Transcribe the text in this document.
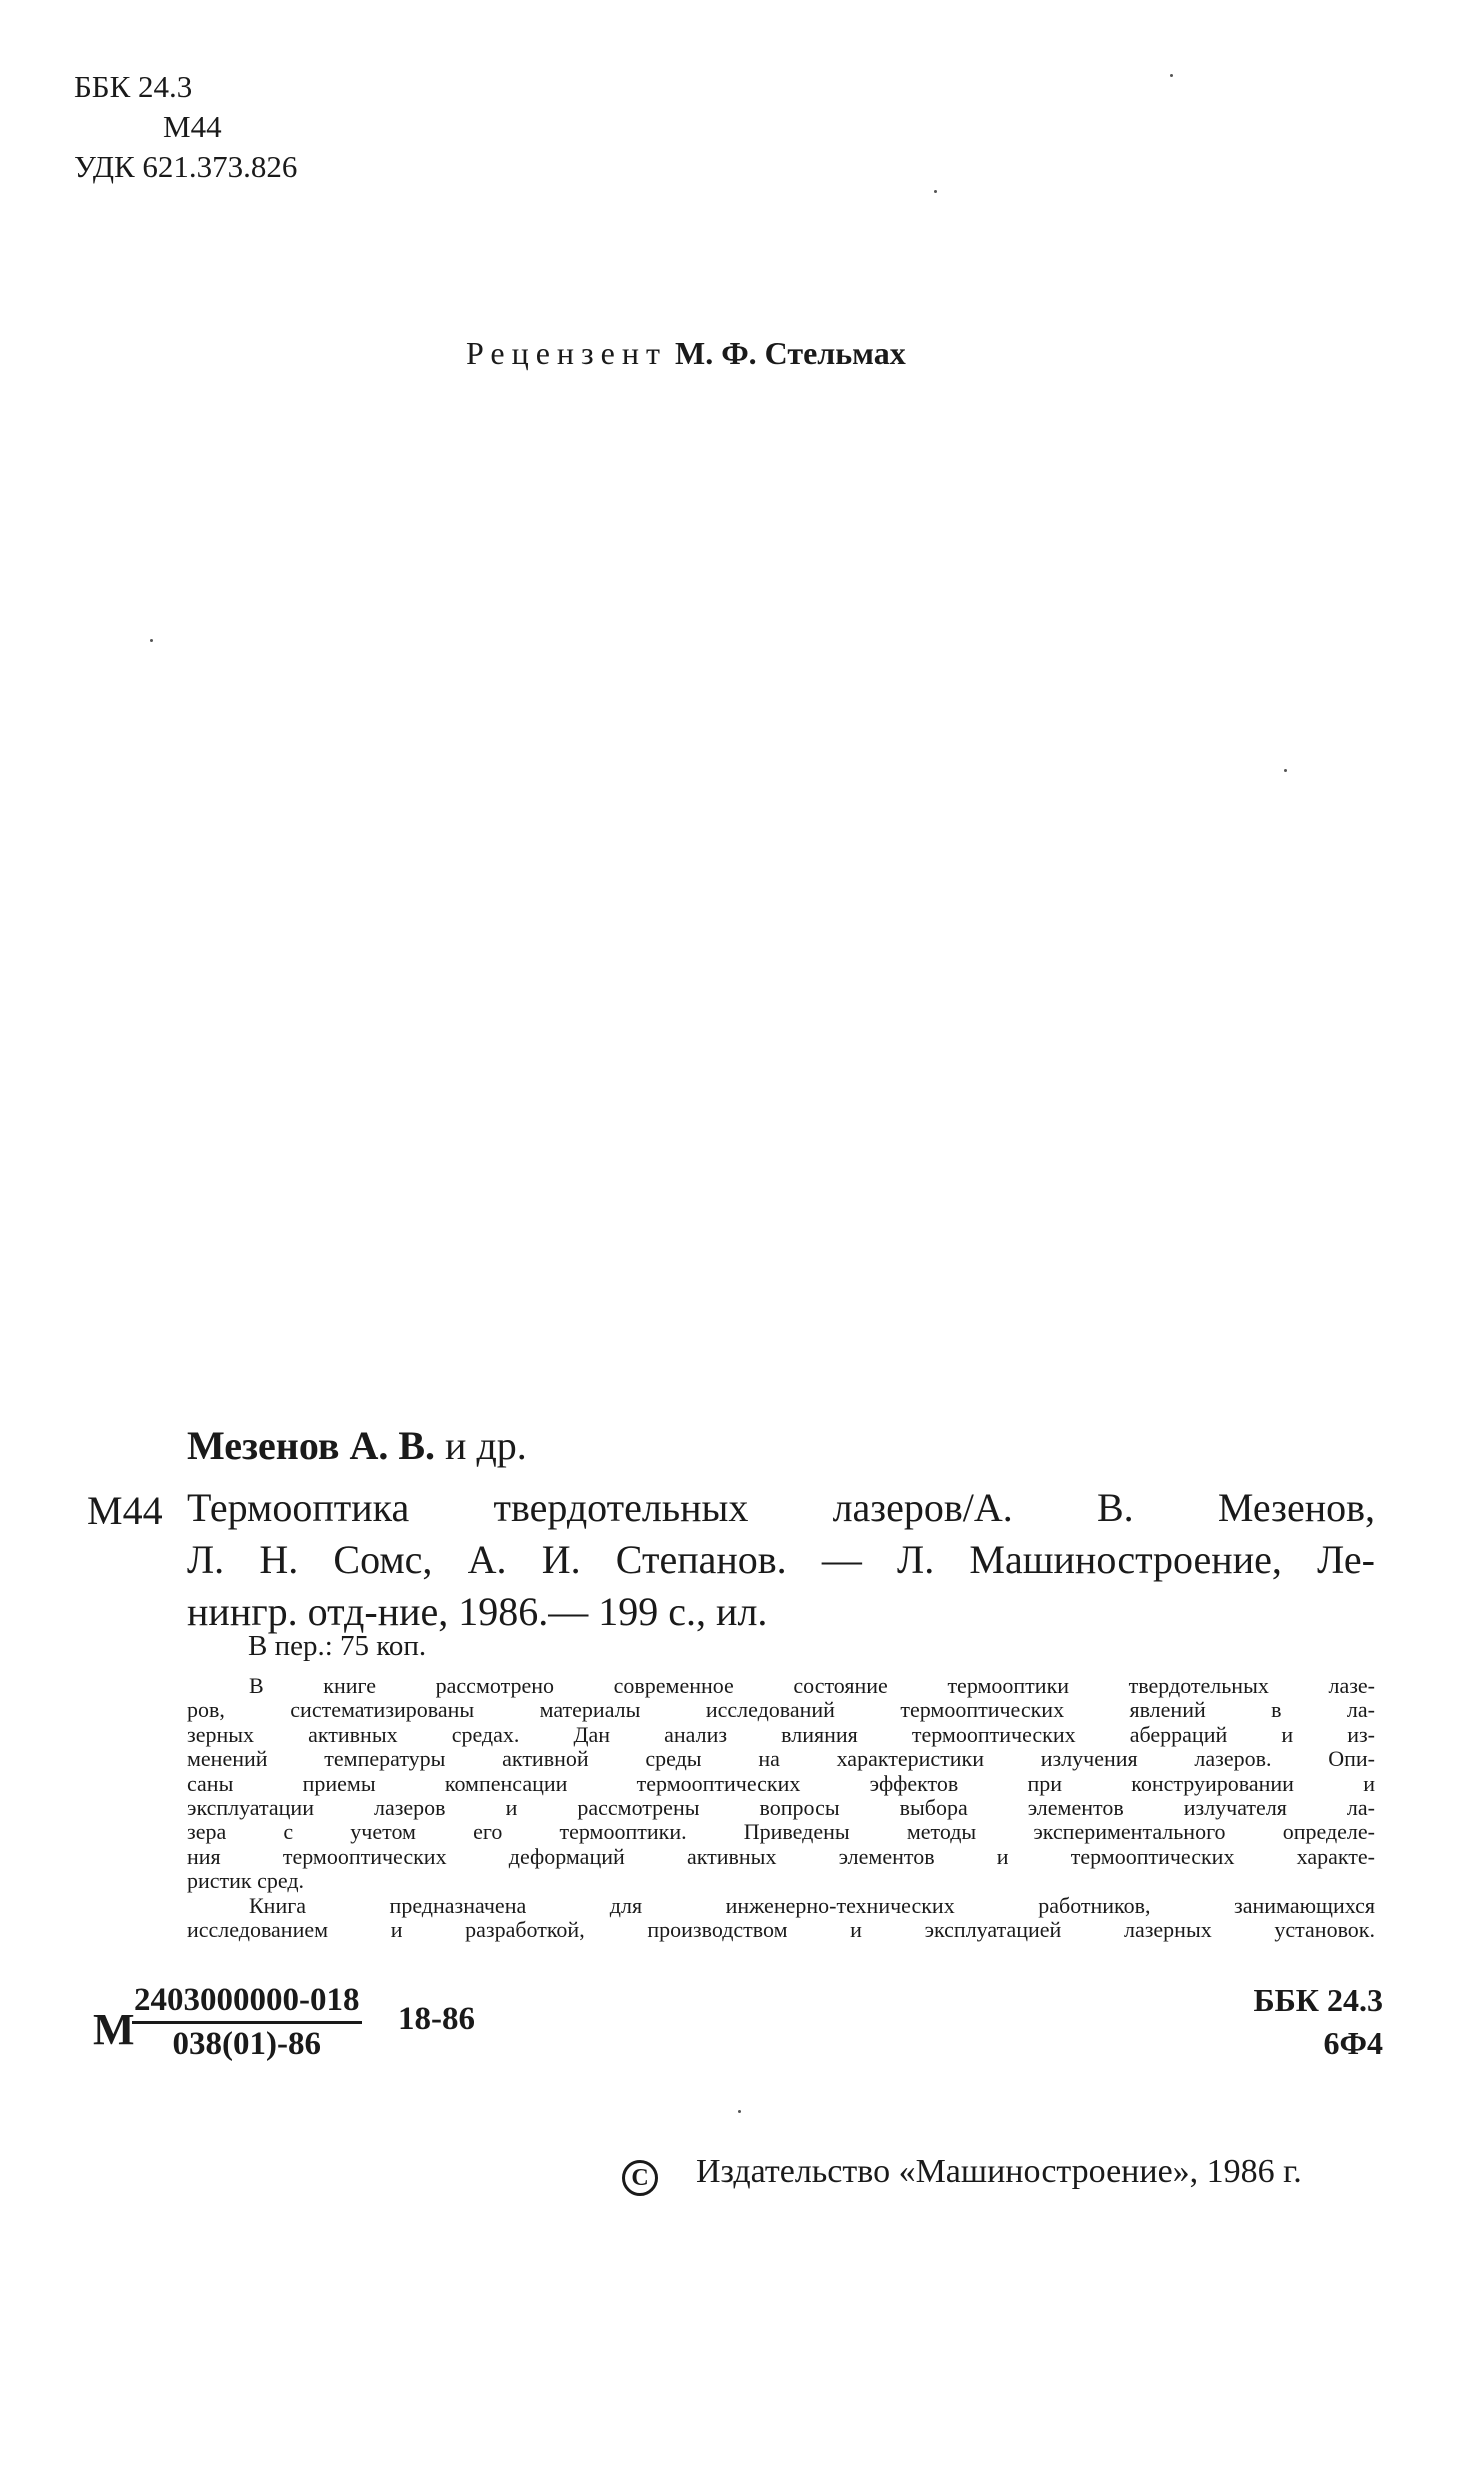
ББК 24.3
М44
УДК 621.373.826
Рецензент М. Ф. Стельмах
Мезенов А. В. и др.
М44 Термооптика твердотельных лазеров/А. В. Мезенов,
Л. Н. Сомс, А. И. Степанов. — Л. Машиностроение, Ле-
нингр. отд-ние, 1986.— 199 с., ил.
В пер.: 75 коп.
В книге рассмотрено современное состояние термооптики твердотельных лазе-
ров, систематизированы материалы исследований термооптических явлений в ла-
зерных активных средах. Дан анализ влияния термооптических аберраций и из-
менений температуры активной среды на характеристики излучения лазеров. Опи-
саны приемы компенсации термооптических эффектов при конструировании и
эксплуатации лазеров и рассмотрены вопросы выбора элементов излучателя ла-
зера с учетом его термооптики. Приведены методы экспериментального определе-
ния термооптических деформаций активных элементов и термооптических характе-
ристик сред.
Книга предназначена для инженерно-технических работников, занимающихся
исследованием и разработкой, производством и эксплуатацией лазерных установок.
М
$\frac{2403000000-018}{038(01)-86} 18-86$
ББК 24.3
6Ф4
C Издательство «Машиностроение», 1986 г.
